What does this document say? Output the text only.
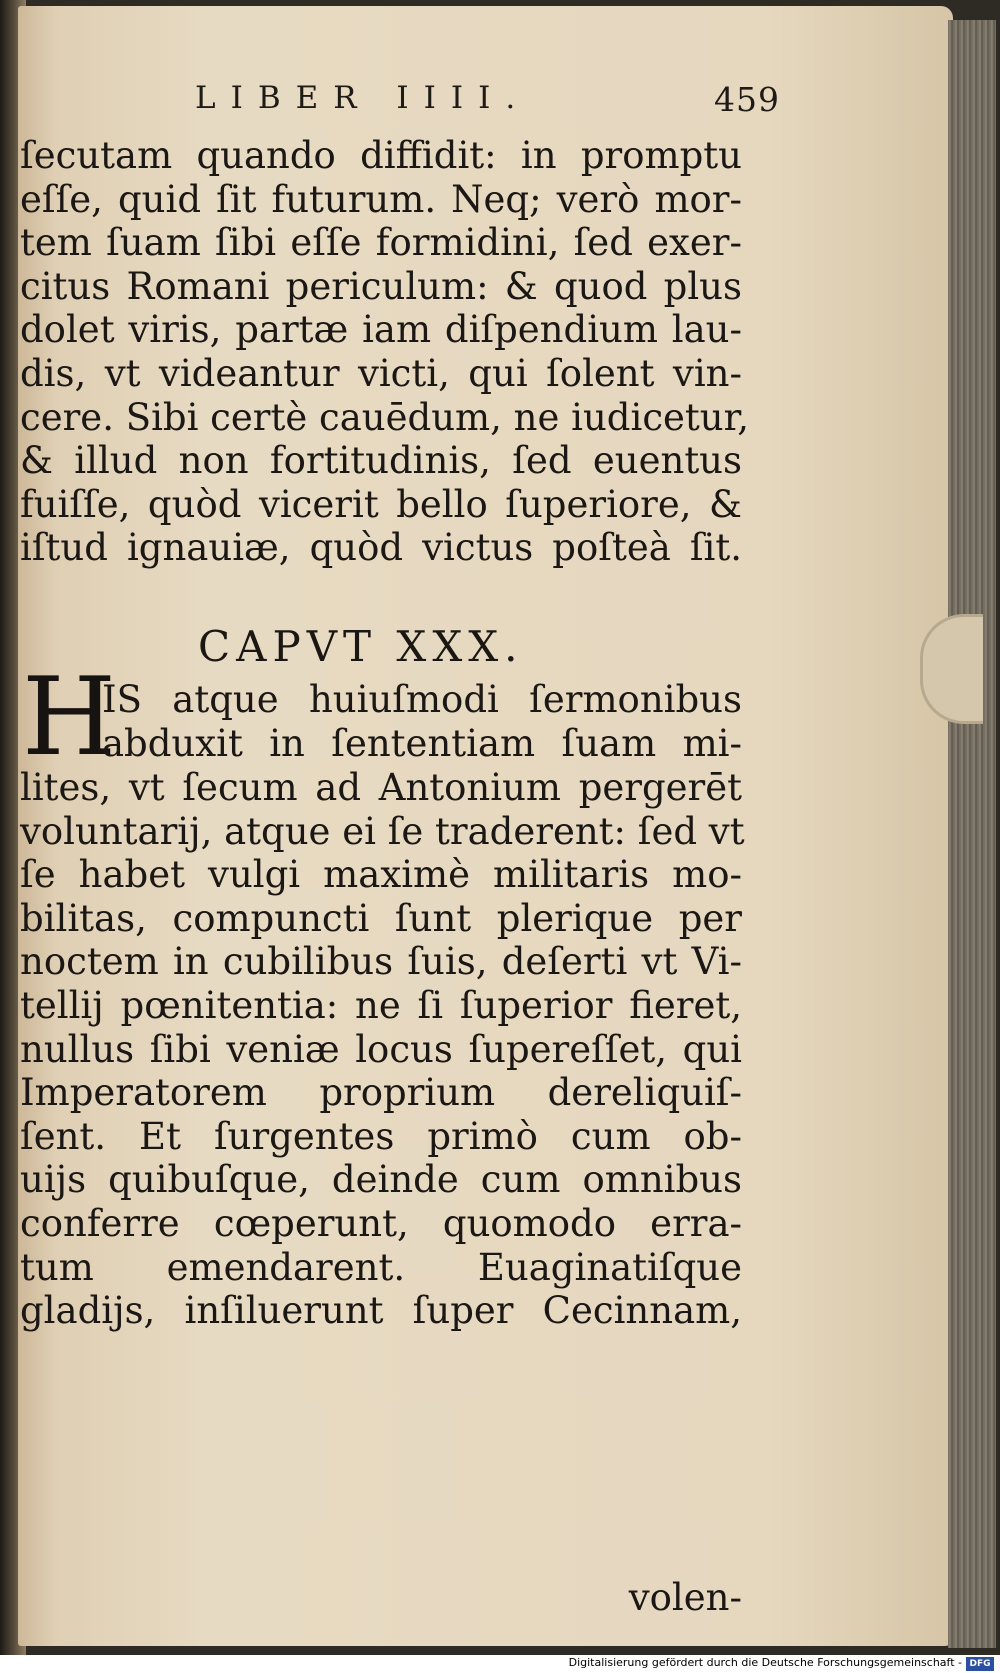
LIBER IIII.	459
ſecutam quando diffidit: in promptu
eſſe, quid ſit futurum. Neq; verò mor-
tem ſuam ſibi eſſe formidini, ſed exer-
citus Romani periculum: & quod plus
dolet viris, partæ iam diſpendium lau-
dis, vt videantur victi, qui ſolent vin-
cere. Sibi certè cauēdum, ne iudicetur,
& illud non fortitudinis, ſed euentus
fuiſſe, quòd vicerit bello ſuperiore, &
iſtud ignauiæ, quòd victus poſteà ſit.
CAPVT XXX.
H
IS atque huiuſmodi ſermonibus
abduxit in ſententiam ſuam mi-
lites, vt ſecum ad Antonium pergerēt
voluntarij, atque ei ſe traderent: ſed vt
ſe habet vulgi maximè militaris mo-
bilitas, compuncti ſunt plerique per
noctem in cubilibus ſuis, deſerti vt Vi-
tellij pœnitentia: ne ſi ſuperior fieret,
nullus ſibi veniæ locus ſupereſſet, qui
Imperatorem proprium dereliquiſ-
ſent. Et ſurgentes primò cum ob-
uijs quibuſque, deinde cum omnibus
conferre cœperunt, quomodo erra-
tum emendarent. Euaginatiſque
gladijs, inſiluerunt ſuper Cecinnam,
volen-
Digitalisierung gefördert durch die Deutsche Forschungsgemeinschaft - DFG
